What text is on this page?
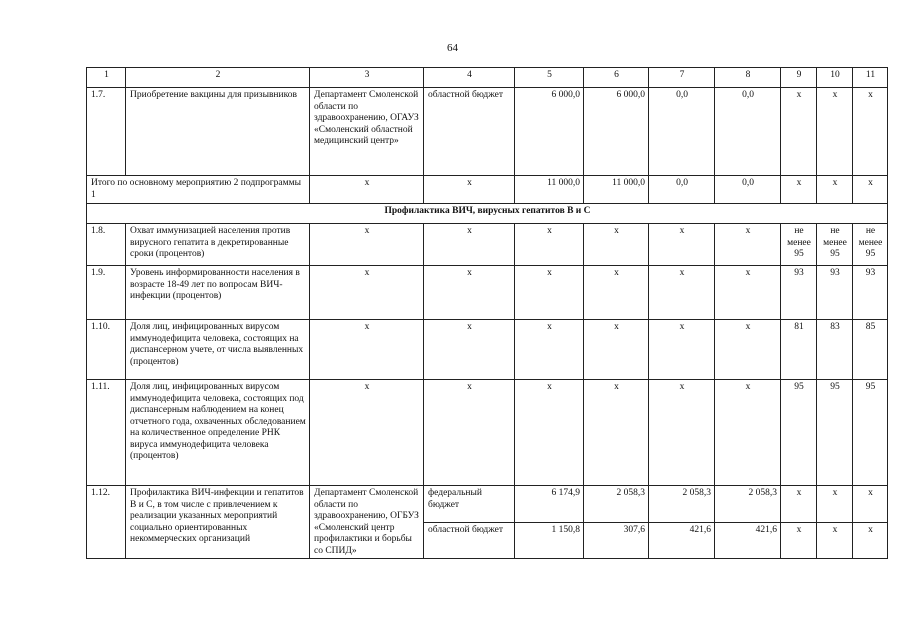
64
1	2	3	4	5	6	7	8	9	10	11
1.7.	Приобретение вакцины для призывников	Департамент Смоленской области по здравоохранению, ОГАУЗ «Смоленский областной медицинский центр»	областной бюджет	6 000,0	6 000,0	0,0	0,0	х	х	х
Итого по основному мероприятию 2 подпрограммы 1		х	х	11 000,0	11 000,0	0,0	0,0	х	х	х
Профилактика ВИЧ, вирусных гепатитов В и С										
1.8.	Охват иммунизацией населения против вирусного гепатита в декретированные сроки (процентов)	х	х	х	х	х	х	не менее 95	не менее 95	не менее 95
1.9.	Уровень информированности населения в возрасте 18-49 лет по вопросам ВИЧ-инфекции (процентов)	х	х	х	х	х	х	93	93	93
1.10.	Доля лиц, инфицированных вирусом иммунодефицита человека, состоящих на диспансерном учете, от числа выявленных (процентов)	х	х	х	х	х	х	81	83	85
1.11.	Доля лиц, инфицированных вирусом иммунодефицита человека, состоящих под диспансерным наблюдением на конец отчетного года, охваченных обследованием на количественное определение РНК вируса иммунодефицита человека (процентов)	х	х	х	х	х	х	95	95	95
1.12.	Профилактика ВИЧ-инфекции и гепатитов В и С, в том числе с привлечением к реализации указанных мероприятий социально ориентированных некоммерческих организаций	Департамент Смоленской области по здравоохранению, ОГБУЗ «Смоленский центр профилактики и борьбы со СПИД»	федеральный бюджет	6 174,9	2 058,3	2 058,3	2 058,3	х	х	х
			областной бюджет	1 150,8	307,6	421,6	421,6	х	х	х
